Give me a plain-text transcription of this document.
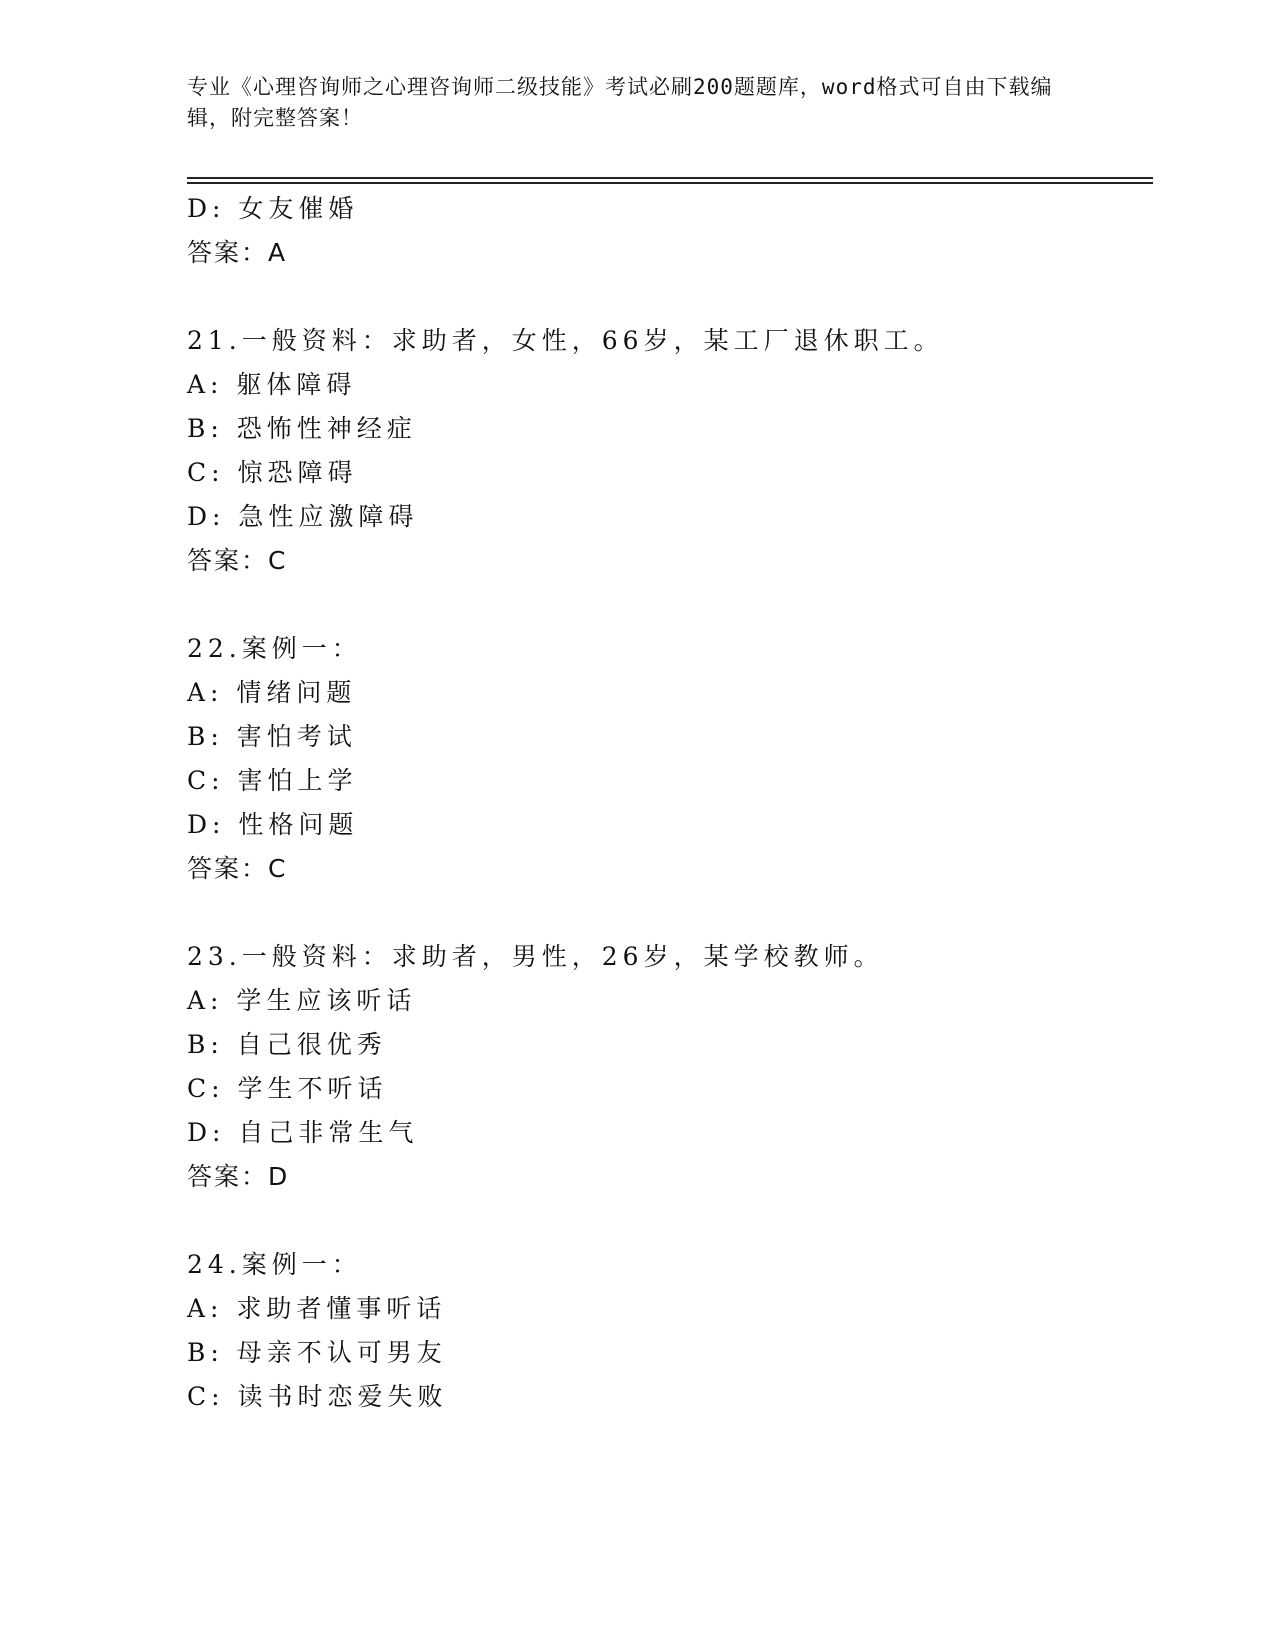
专业《心理咨询师之心理咨询师二级技能》考试必刷200题题库，word格式可自由下载编辑，附完整答案！
D: 女友催婚
答案：A
21.一般资料：求助者，女性，66岁，某工厂退休职工。
A: 躯体障碍
B: 恐怖性神经症
C: 惊恐障碍
D: 急性应激障碍
答案：C
22.案例一：
A: 情绪问题
B: 害怕考试
C: 害怕上学
D: 性格问题
答案：C
23.一般资料：求助者，男性，26岁，某学校教师。
A: 学生应该听话
B: 自己很优秀
C: 学生不听话
D: 自己非常生气
答案：D
24.案例一：
A: 求助者懂事听话
B: 母亲不认可男友
C: 读书时恋爱失败
